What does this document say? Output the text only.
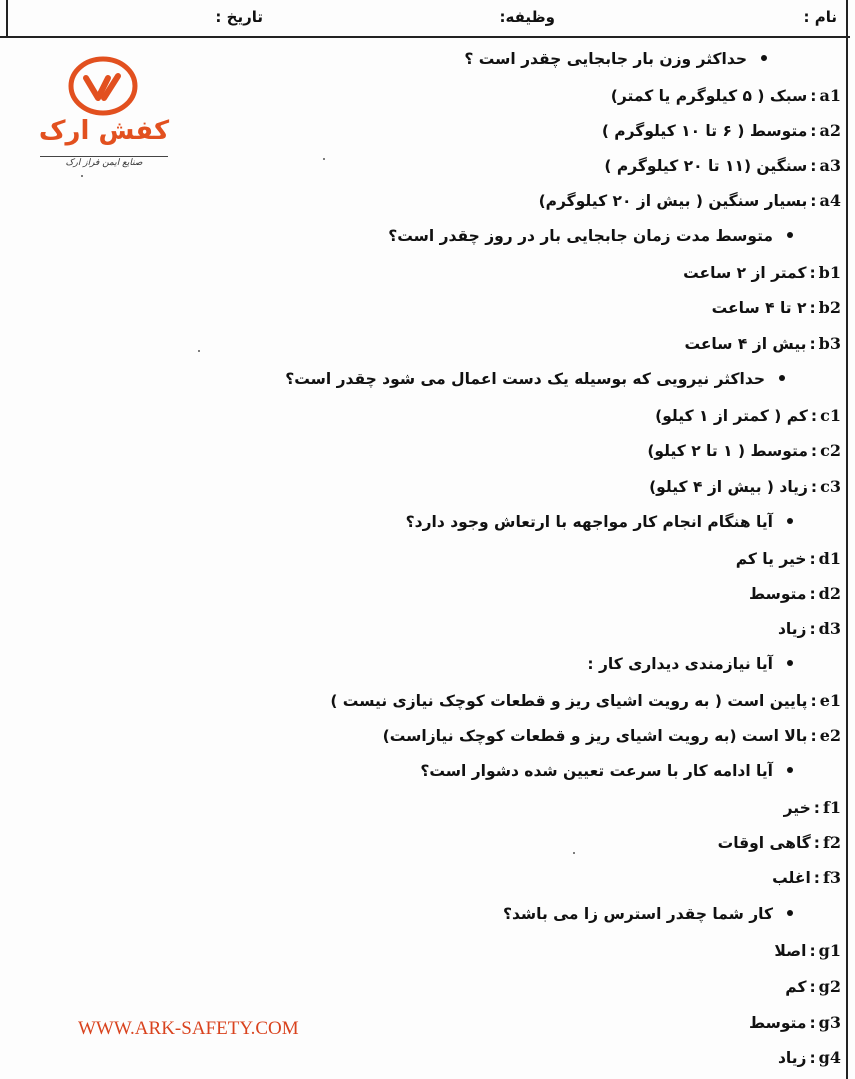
نام :
وظیفه:
تاریخ :
کفش ارک
صنایع ایمن فراز ارک
حداکثر وزن بار جابجایی چقدر است ؟
a1:سبک ( ۵ کیلوگرم یا کمتر)
a2:متوسط ( ۶ تا ۱۰ کیلوگرم )
a3:سنگین (۱۱ تا ۲۰ کیلوگرم )
a4:بسیار سنگین ( بیش از ۲۰ کیلوگرم)
متوسط مدت زمان جابجایی بار در روز چقدر است؟
b1:کمتر از ۲ ساعت
b2:۲ تا ۴ ساعت
b3:بیش از ۴ ساعت
حداکثر نیرویی که بوسیله یک دست اعمال می شود چقدر است؟
c1:کم ( کمتر از ۱ کیلو)
c2:متوسط ( ۱ تا ۲ کیلو)
c3:زیاد ( بیش از ۴ کیلو)
آیا هنگام انجام کار مواجهه با ارتعاش وجود دارد؟
d1:خیر یا کم
d2:متوسط
d3:زیاد
آیا نیازمندی دیداری کار :
e1:پایین است ( به رویت اشیای ریز و قطعات کوچک نیازی نیست )
e2:بالا است (به رویت اشیای ریز و قطعات کوچک نیازاست)
آیا ادامه کار با سرعت تعیین شده دشوار است؟
f1:خیر
f2:گاهی اوقات
f3:اغلب
کار شما چقدر استرس زا می باشد؟
g1:اصلا
g2:کم
g3:متوسط
g4:زیاد
WWW.ARK-SAFETY.COM
